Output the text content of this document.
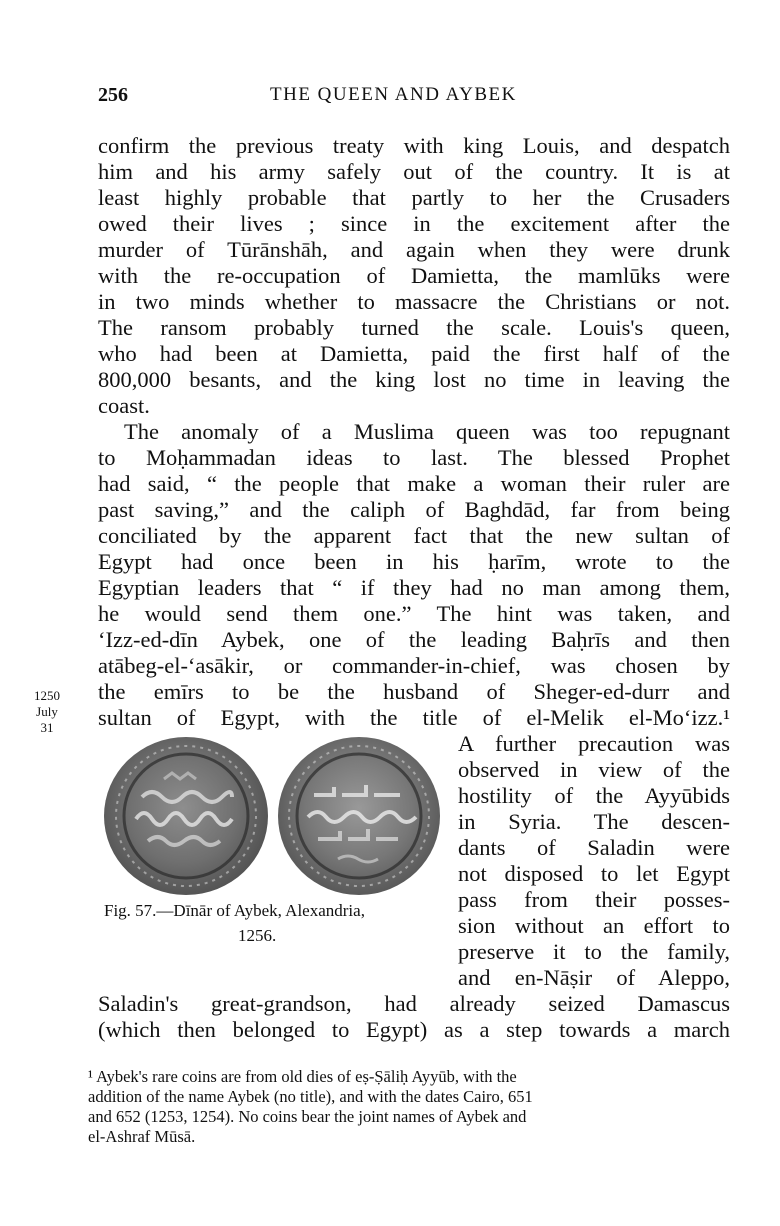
256	THE QUEEN AND AYBEK
confirm the previous treaty with king Louis, and despatch
him and his army safely out of the country. It is at
least highly probable that partly to her the Crusaders
owed their lives ; since in the excitement after the
murder of Tūrānshāh, and again when they were drunk
with the re-occupation of Damietta, the mamlūks were
in two minds whether to massacre the Christians or not.
The ransom probably turned the scale. Louis's queen,
who had been at Damietta, paid the first half of the
800,000 besants, and the king lost no time in leaving the
coast.
The anomaly of a Muslima queen was too repugnant
to Moḥammadan ideas to last. The blessed Prophet
had said, “ the people that make a woman their ruler are
past saving,” and the caliph of Baghdād, far from being
conciliated by the apparent fact that the new sultan of
Egypt had once been in his ḥarīm, wrote to the
Egyptian leaders that “ if they had no man among them,
he would send them one.” The hint was taken, and
‘Izz-ed-dīn Aybek, one of the leading Baḥrīs and then
atābeg-el-‘asākir, or commander-in-chief, was chosen by
the emīrs to be the husband of Sheger-ed-durr and
sultan of Egypt, with the title of el-Melik el-Mo‘izz.¹
A further precaution was
observed in view of the
hostility of the Ayyūbids
in Syria. The descen-
dants of Saladin were
not disposed to let Egypt
pass from their posses-
sion without an effort to
preserve it to the family,
and en-Nāṣir of Aleppo,
Saladin's great-grandson, had already seized Damascus
(which then belonged to Egypt) as a step towards a march
1250
July
31
Fig. 57.—Dīnār of Aybek, Alexandria,
1256.
¹ Aybek's rare coins are from old dies of eṣ-Ṣāliḥ Ayyūb, with the
addition of the name Aybek (no title), and with the dates Cairo, 651
and 652 (1253, 1254). No coins bear the joint names of Aybek and
el-Ashraf Mūsā.
